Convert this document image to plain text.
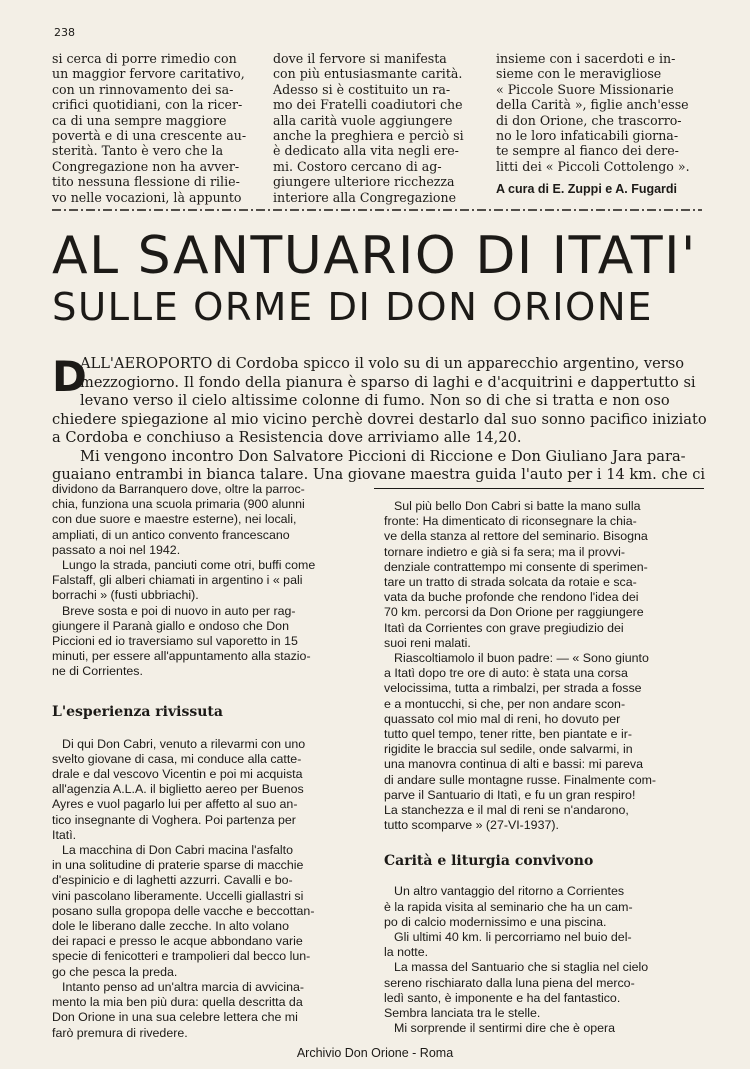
238

si cerca di porre rimedio con

un maggior fervore caritativo,

con un rinnovamento dei sa-

crifici quotidiani, con la ricer-

ca di una sempre maggiore

povertà e di una crescente au-

sterità. Tanto è vero che la

Congregazione non ha avver-

tito nessuna flessione di rilie-

vo nelle vocazioni, là appunto

dove il fervore si manifesta

con più entusiasmante carità.

Adesso si è costituito un ra-

mo dei Fratelli coadiutori che

alla carità vuole aggiungere

anche la preghiera e perciò si

è dedicato alla vita negli ere-

mi. Costoro cercano di ag-

giungere ulteriore ricchezza

interiore alla Congregazione

insieme con i sacerdoti e in-

sieme con le meravigliose

« Piccole Suore Missionarie

della Carità », figlie anch'esse

di don Orione, che trascorro-

no le loro infaticabili giorna-

te sempre al fianco dei dere-

litti dei « Piccoli Cottolengo ».

A cura di E. Zuppi e A. Fugardi

AL SANTUARIO DI ITATI'
SULLE ORME DI DON ORIONE
D

ALL'AEROPORTO di Cordoba spicco il volo su di un apparecchio argentino, verso

mezzogiorno. Il fondo della pianura è sparso di laghi e d'acquitrini e dappertutto si

levano verso il cielo altissime colonne di fumo. Non so di che si tratta e non oso

chiedere spiegazione al mio vicino perchè dovrei destarlo dal suo sonno pacifico iniziato

a Cordoba e conchiuso a Resistencia dove arriviamo alle 14,20.

Mi vengono incontro Don Salvatore Piccioni di Riccione e Don Giuliano Jara para-

guaiano entrambi in bianca talare. Una giovane maestra guida l'auto per i 14 km. che ci

dividono da Barranquero dove, oltre la parroc-

chia, funziona una scuola primaria (900 alunni

con due suore e maestre esterne), nei locali,

ampliati, di un antico convento francescano

passato a noi nel 1942.

Lungo la strada, panciuti come otri, buffi come

Falstaff, gli alberi chiamati in argentino i « pali

borrachi » (fusti ubbriachi).

Breve sosta e poi di nuovo in auto per rag-

giungere il Paranà giallo e ondoso che Don

Piccioni ed io traversiamo sul vaporetto in 15

minuti, per essere all'appuntamento alla stazio-

ne di Corrientes.

L'esperienza rivissuta

Di qui Don Cabri, venuto a rilevarmi con uno

svelto giovane di casa, mi conduce alla catte-

drale e dal vescovo Vicentin e poi mi acquista

all'agenzia A.L.A. il biglietto aereo per Buenos

Ayres e vuol pagarlo lui per affetto al suo an-

tico insegnante di Voghera. Poi partenza per

Itatì.

La macchina di Don Cabri macina l'asfalto

in una solitudine di praterie sparse di macchie

d'espinicio e di laghetti azzurri. Cavalli e bo-

vini pascolano liberamente. Uccelli giallastri si

posano sulla gropopa delle vacche e beccottan-

dole le liberano dalle zecche. In alto volano

dei rapaci e presso le acque abbondano varie

specie di fenicotteri e trampolieri dal becco lun-

go che pesca la preda.

Intanto penso ad un'altra marcia di avvicina-

mento la mia ben più dura: quella descritta da

Don Orione in una sua celebre lettera che mi

farò premura di rivedere.

Sul più bello Don Cabri si batte la mano sulla

fronte: Ha dimenticato di riconsegnare la chia-

ve della stanza al rettore del seminario. Bisogna

tornare indietro e già si fa sera; ma il provvi-

denziale contrattempo mi consente di sperimen-

tare un tratto di strada solcata da rotaie e sca-

vata da buche profonde che rendono l'idea dei

70 km. percorsi da Don Orione per raggiungere

Itatì da Corrientes con grave pregiudizio dei

suoi reni malati.

Riascoltiamolo il buon padre: — « Sono giunto

a Itatì dopo tre ore di auto: è stata una corsa

velocissima, tutta a rimbalzi, per strada a fosse

e a montucchi, si che, per non andare scon-

quassato col mio mal di reni, ho dovuto per

tutto quel tempo, tener ritte, ben piantate e ir-

rigidite le braccia sul sedile, onde salvarmi, in

una manovra continua di alti e bassi: mi pareva

di andare sulle montagne russe. Finalmente com-

parve il Santuario di Itatì, e fu un gran respiro!

La stanchezza e il mal di reni se n'andarono,

tutto scomparve » (27-VI-1937).

Carità e liturgia convivono

Un altro vantaggio del ritorno a Corrientes

è la rapida visita al seminario che ha un cam-

po di calcio modernissimo e una piscina.

Gli ultimi 40 km. li percorriamo nel buio del-

la notte.

La massa del Santuario che si staglia nel cielo

sereno rischiarato dalla luna piena del merco-

ledì santo, è imponente e ha del fantastico.

Sembra lanciata tra le stelle.

Mi sorprende il sentirmi dire che è opera

Archivio Don Orione - Roma
